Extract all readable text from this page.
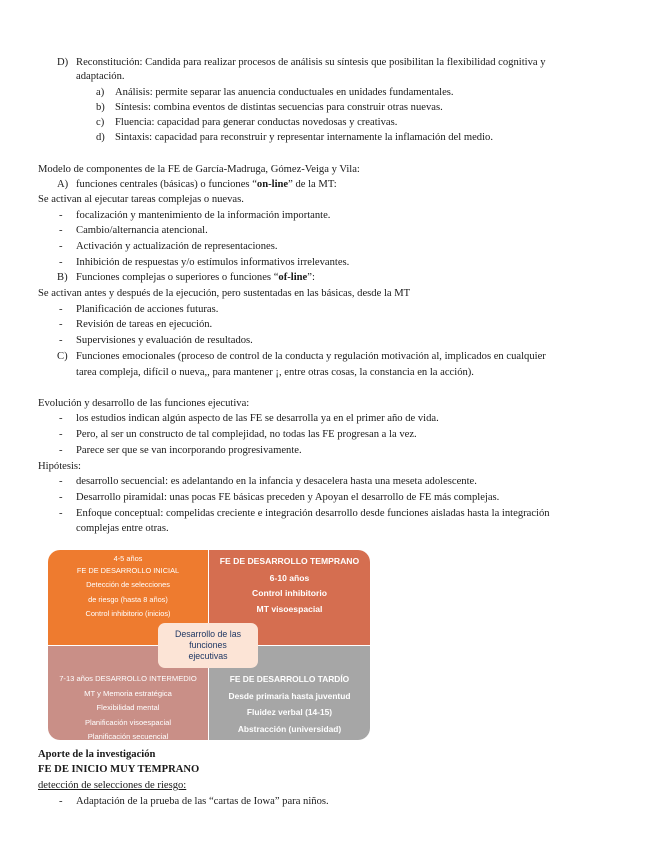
D) Reconstitución: Candida para realizar procesos de análisis su síntesis que posibilitan la flexibilidad cognitiva y
adaptación.
a) Análisis: permite separar las anuencia conductuales en unidades fundamentales.
b) Síntesis: combina eventos de distintas secuencias para construir otras nuevas.
c) Fluencia: capacidad para generar conductas novedosas y creativas.
d) Sintaxis: capacidad para reconstruir y representar internamente la inflamación del medio.
Modelo de componentes de la FE de García-Madruga, Gómez-Veiga y Vila:
A) funciones centrales (básicas) o funciones “on-line” de la MT:
Se activan al ejecutar tareas complejas o nuevas.
- focalización y mantenimiento de la información importante.
- Cambio/alternancia atencional.
- Activación y actualización de representaciones.
- Inhibición de respuestas y/o estímulos informativos irrelevantes.
B) Funciones complejas o superiores o funciones “of-line”:
Se activan antes y después de la ejecución, pero sustentadas en las básicas, desde la MT
- Planificación de acciones futuras.
- Revisión de tareas en ejecución.
- Supervisiones y evaluación de resultados.
C) Funciones emocionales (proceso de control de la conducta y regulación motivación al, implicados en cualquier
tarea compleja, difícil o nueva,, para mantener ¡, entre otras cosas, la constancia en la acción).
Evolución y desarrollo de las funciones ejecutiva:
- los estudios indican algún aspecto de las FE se desarrolla ya en el primer año de vida.
- Pero, al ser un constructo de tal complejidad, no todas las FE progresan a la vez.
- Parece ser que se van incorporando progresivamente.
Hipótesis:
- desarrollo secuencial: es adelantando en la infancia y desacelera hasta una meseta adolescente.
- Desarrollo piramidal: unas pocas FE básicas preceden y Apoyan el desarrollo de FE más complejas.
- Enfoque conceptual: compelidas creciente e integración desarrollo desde funciones aisladas hasta la integración
complejas entre otras.
4-5 años
FE DE DESARROLLO INICIAL
Detección de selecciones
de riesgo (hasta 8 años)
Control inhibitorio (inicios)
FE DE DESARROLLO TEMPRANO
6-10 años
Control inhibitorio
MT visoespacial
7-13 años DESARROLLO INTERMEDIO
MT y Memoria estratégica
Flexibilidad mental
Planificación visoespacial
Planificación secuencial
FE DE DESARROLLO TARDÍO
Desde primaria hasta juventud
Fluidez verbal (14-15)
Abstracción (universidad)
Desarrollo de las
funciones
ejecutivas
Aporte de la investigación
FE DE INICIO MUY TEMPRANO
detección de selecciones de riesgo:
- Adaptación de la prueba de las “cartas de Iowa” para niños.
